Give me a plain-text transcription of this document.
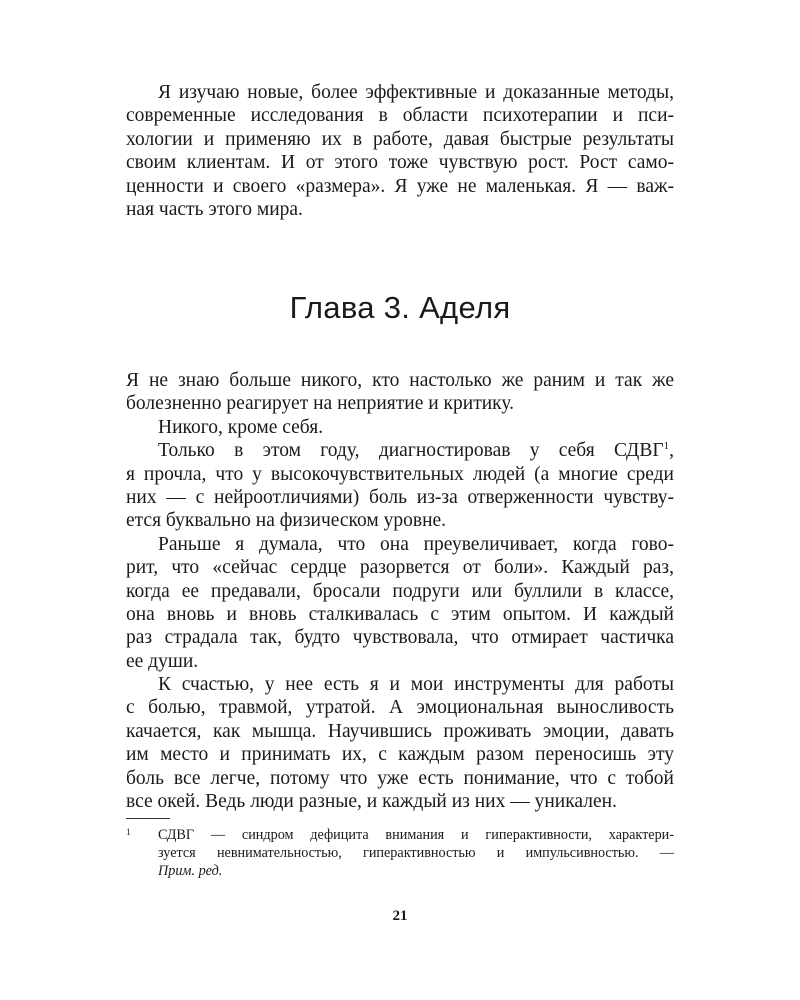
Я изучаю новые, более эффективные и доказанные методы,
современные исследования в области психотерапии и пси-
хологии и применяю их в работе, давая быстрые результаты
своим клиентам. И от этого тоже чувствую рост. Рост само-
ценности и своего «размера». Я уже не маленькая. Я — важ-
ная часть этого мира.
Глава 3. Аделя
Я не знаю больше никого, кто настолько же раним и так же
болезненно реагирует на неприятие и критику.
Никого, кроме себя.
Только в этом году, диагностировав у себя СДВГ$^1$,
я прочла, что у высокочувствительных людей (а многие среди
них — с нейроотличиями) боль из-за отверженности чувству-
ется буквально на физическом уровне.
Раньше я думала, что она преувеличивает, когда гово-
рит, что «сейчас сердце разорвется от боли». Каждый раз,
когда ее предавали, бросали подруги или буллили в классе,
она вновь и вновь сталкивалась с этим опытом. И каждый
раз страдала так, будто чувствовала, что отмирает частичка
ее души.
К счастью, у нее есть я и мои инструменты для работы
с болью, травмой, утратой. А эмоциональная выносливость
качается, как мышца. Научившись проживать эмоции, давать
им место и принимать их, с каждым разом переносишь эту
боль все легче, потому что уже есть понимание, что с тобой
все окей. Ведь люди разные, и каждый из них — уникален.
1 СДВГ — синдром дефицита внимания и гиперактивности, характери-
зуется невнимательностью, гиперактивностью и импульсивностью. —
Прим. ред.
21
